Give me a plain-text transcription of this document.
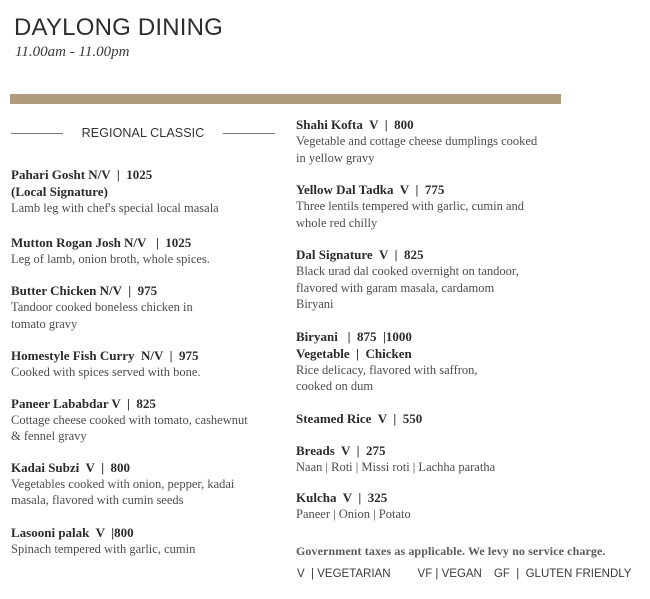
DAYLONG DINING
11.00am - 11.00pm
REGIONAL CLASSIC
Pahari Gosht N/V  |  1025
(Local Signature)
Lamb leg with chef's special local masala
Mutton Rogan Josh N/V   |  1025
Leg of lamb, onion broth, whole spices.
Butter Chicken N/V  |  975
Tandoor cooked boneless chicken in
tomato gravy
Homestyle Fish Curry  N/V  |  975
Cooked with spices served with bone.
Paneer Lababdar V  |  825
Cottage cheese cooked with tomato, cashewnut
& fennel gravy
Kadai Subzi  V  |  800
Vegetables cooked with onion, pepper, kadai
masala, flavored with cumin seeds
Lasooni palak  V  |800
Spinach tempered with garlic, cumin
Shahi Kofta  V  |  800
Vegetable and cottage cheese dumplings cooked
in yellow gravy
Yellow Dal Tadka  V  |  775
Three lentils tempered with garlic, cumin and
whole red chilly
Dal Signature  V  |  825
Black urad dal cooked overnight on tandoor,
flavored with garam masala, cardamom
Biryani
Biryani   |  875  |1000
Vegetable  |  Chicken
Rice delicacy, flavored with saffron,
cooked on dum
Steamed Rice  V  |  550
Breads  V  |  275
Naan | Roti | Missi roti | Lachha paratha
Kulcha  V  |  325
Paneer | Onion | Potato
Government taxes as applicable. We levy no service charge.
V  | VEGETARIAN VF | VEGAN GF  |  GLUTEN FRIENDLY
